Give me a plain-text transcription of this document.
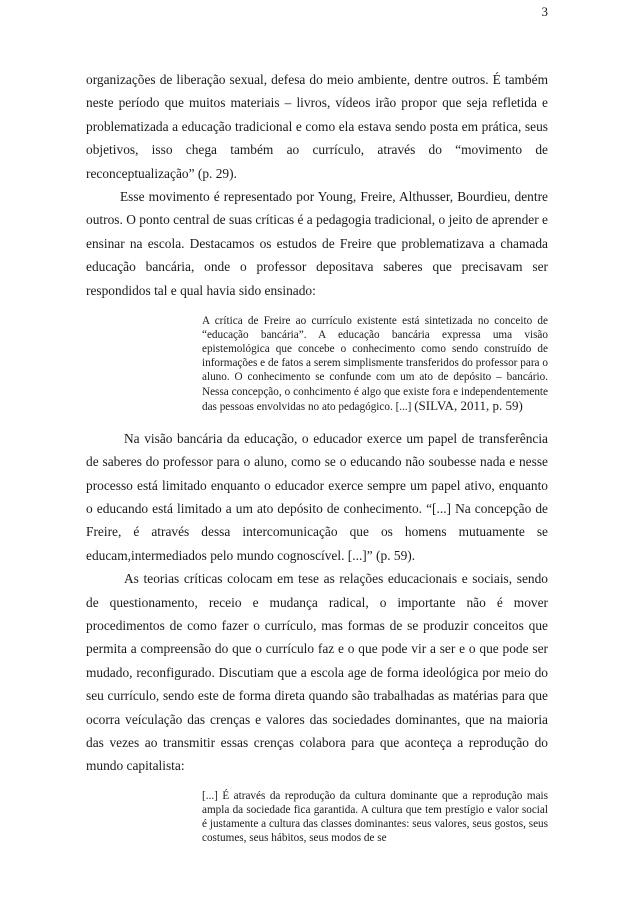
3

organizações de liberação sexual, defesa do meio ambiente, dentre outros. É também neste período que muitos materiais – livros, vídeos irão propor que seja refletida e problematizada a educação tradicional e como ela estava sendo posta em prática, seus objetivos, isso chega também ao currículo, através do “movimento de reconceptualização” (p. 29).

Esse movimento é representado por Young, Freire, Althusser, Bourdieu, dentre outros. O ponto central de suas críticas é a pedagogia tradicional, o jeito de aprender e ensinar na escola. Destacamos os estudos de Freire que problematizava a chamada educação bancária, onde o professor depositava saberes que precisavam ser respondidos tal e qual havia sido ensinado:

A crítica de Freire ao currículo existente está sintetizada no conceito de “educação bancária”. A educação bancária expressa uma visão epistemológica que concebe o conhecimento como sendo construído de informações e de fatos a serem simplismente transferidos do professor para o aluno. O conhecimento se confunde com um ato de depósito – bancário. Nessa concepção, o conhcimento é algo que existe fora e independentemente das pessoas envolvidas no ato pedagógico. [...] (SILVA, 2011, p. 59)

Na visão bancária da educação, o educador exerce um papel de transferência de saberes do professor para o aluno, como se o educando não soubesse nada e nesse processo está limitado enquanto o educador exerce sempre um papel ativo, enquanto o educando está limitado a um ato depósito de conhecimento. “[...] Na concepção de Freire, é através dessa intercomunicação que os homens mutuamente se educam,intermediados pelo mundo cognoscível. [...]” (p. 59).

As teorias críticas colocam em tese as relações educacionais e sociais, sendo de questionamento, receio e mudança radical, o importante não é mover procedimentos de como fazer o currículo, mas formas de se produzir conceitos que permita a compreensão do que o currículo faz e o que pode vir a ser e o que pode ser mudado, reconfigurado. Discutiam que a escola age de forma ideológica por meio do seu currículo, sendo este de forma direta quando são trabalhadas as matérias para que ocorra veículação das crenças e valores das sociedades dominantes, que na maioria das vezes ao transmitir essas crenças colabora para que aconteça a reprodução do mundo capitalista:

[...] É através da reprodução da cultura dominante que a reprodução mais ampla da sociedade fica garantida. A cultura que tem prestígio e valor social é justamente a cultura das classes dominantes: seus valores, seus gostos, seus costumes, seus hábitos, seus modos de se
